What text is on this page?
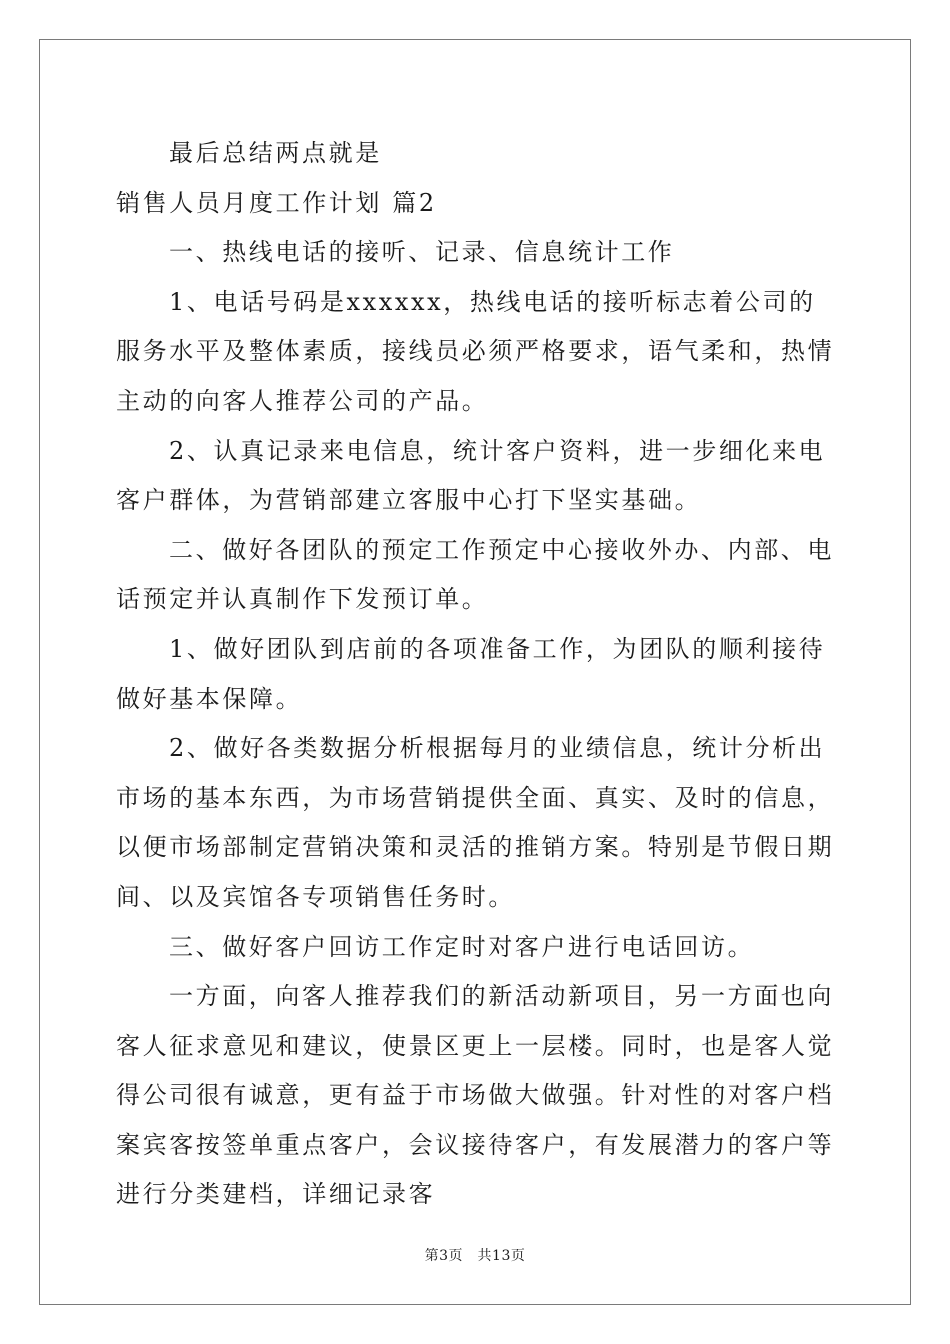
最后总结两点就是

销售人员月度工作计划 篇2

一、热线电话的接听、记录、信息统计工作

1、电话号码是xxxxxx，热线电话的接听标志着公司的服务水平及整体素质，接线员必须严格要求，语气柔和，热情主动的向客人推荐公司的产品。

2、认真记录来电信息，统计客户资料，进一步细化来电客户群体，为营销部建立客服中心打下坚实基础。

二、做好各团队的预定工作预定中心接收外办、内部、电话预定并认真制作下发预订单。

1、做好团队到店前的各项准备工作，为团队的顺利接待做好基本保障。

2、做好各类数据分析根据每月的业绩信息，统计分析出市场的基本东西，为市场营销提供全面、真实、及时的信息，以便市场部制定营销决策和灵活的推销方案。特别是节假日期间、以及宾馆各专项销售任务时。

三、做好客户回访工作定时对客户进行电话回访。

一方面，向客人推荐我们的新活动新项目，另一方面也向客人征求意见和建议，使景区更上一层楼。同时，也是客人觉得公司很有诚意，更有益于市场做大做强。针对性的对客户档案宾客按签单重点客户，会议接待客户，有发展潜力的客户等进行分类建档，详细记录客

第3页　共13页
